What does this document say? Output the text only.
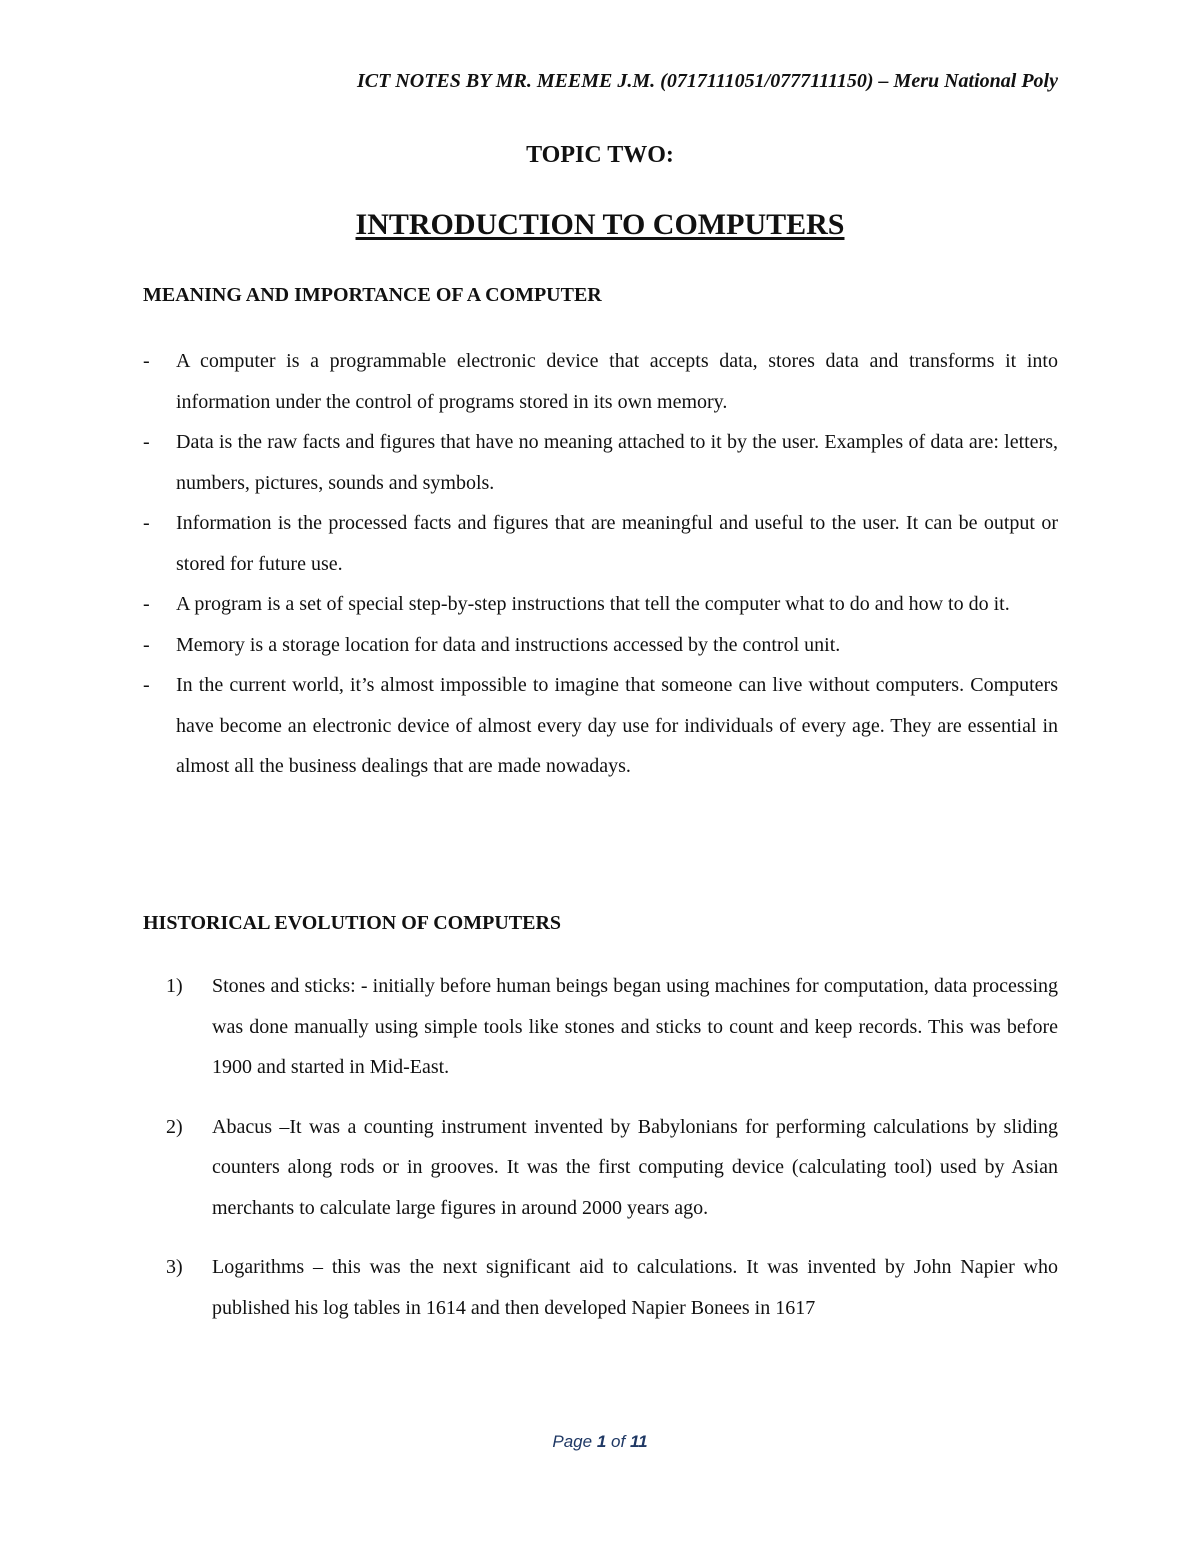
ICT NOTES BY MR. MEEME J.M. (0717111051/0777111150) – Meru National Poly
TOPIC TWO:
INTRODUCTION TO COMPUTERS
MEANING AND IMPORTANCE OF A COMPUTER
- A computer is a programmable electronic device that accepts data, stores data and transforms it into information under the control of programs stored in its own memory.
- Data is the raw facts and figures that have no meaning attached to it by the user. Examples of data are: letters, numbers, pictures, sounds and symbols.
- Information is the processed facts and figures that are meaningful and useful to the user. It can be output or stored for future use.
- A program is a set of special step-by-step instructions that tell the computer what to do and how to do it.
- Memory is a storage location for data and instructions accessed by the control unit.
- In the current world, it’s almost impossible to imagine that someone can live without computers. Computers have become an electronic device of almost every day use for individuals of every age. They are essential in almost all the business dealings that are made nowadays.
HISTORICAL EVOLUTION OF COMPUTERS
1) Stones and sticks: - initially before human beings began using machines for computation, data processing was done manually using simple tools like stones and sticks to count and keep records. This was before 1900 and started in Mid-East.
2) Abacus –It was a counting instrument invented by Babylonians for performing calculations by sliding counters along rods or in grooves. It was the first computing device (calculating tool) used by Asian merchants to calculate large figures in around 2000 years ago.
3) Logarithms – this was the next significant aid to calculations. It was invented by John Napier who published his log tables in 1614 and then developed Napier Bonees in 1617
Page 1 of 11
